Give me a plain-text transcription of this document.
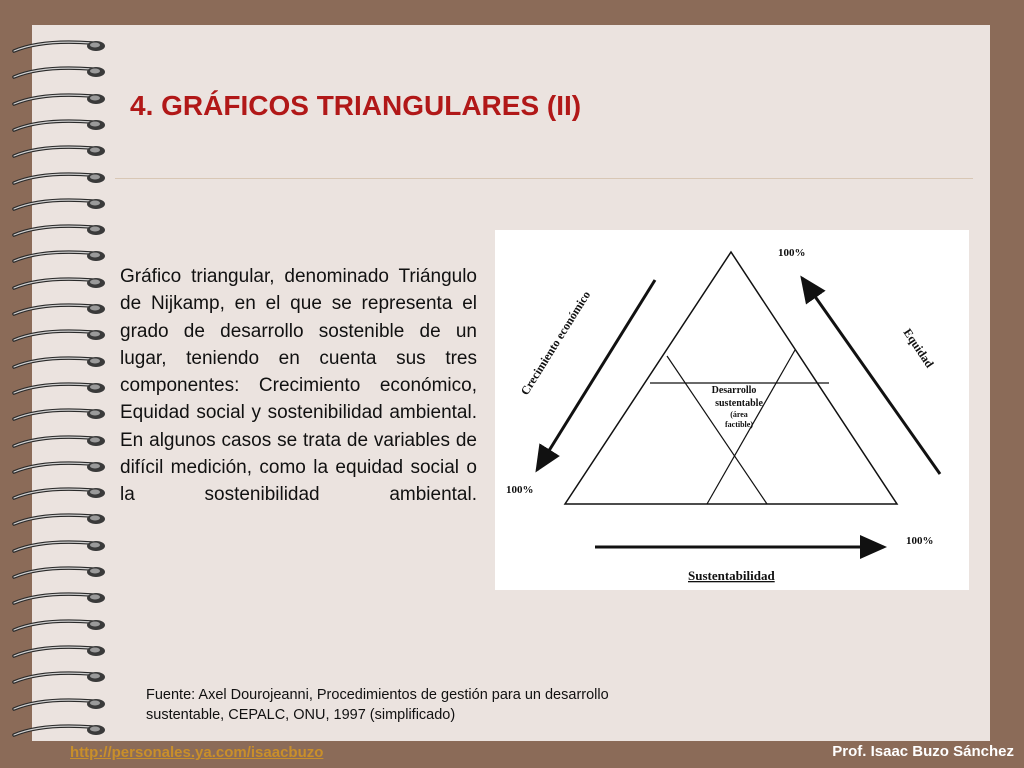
4. GRÁFICOS TRIANGULARES (II)
Gráfico triangular, denominado Triángulo de Nijkamp, en el que se representa el grado de desarrollo sostenible de un lugar, teniendo en cuenta sus tres componentes: Crecimiento económico, Equidad social y sostenibilidad ambiental. En algunos casos se trata de variables de difícil medición, como la equidad social o la sostenibilidad ambiental.
100%
100%
100%
Crecimiento económico	Equidad
Sustentabilidad
Desarrollo
sustentable
(área
factible)
Fuente: Axel Dourojeanni, Procedimientos de gestión para un desarrollo
sustentable, CEPALC, ONU, 1997 (simplificado)
http://personales.ya.com/isaacbuzo	Prof. Isaac Buzo Sánchez
